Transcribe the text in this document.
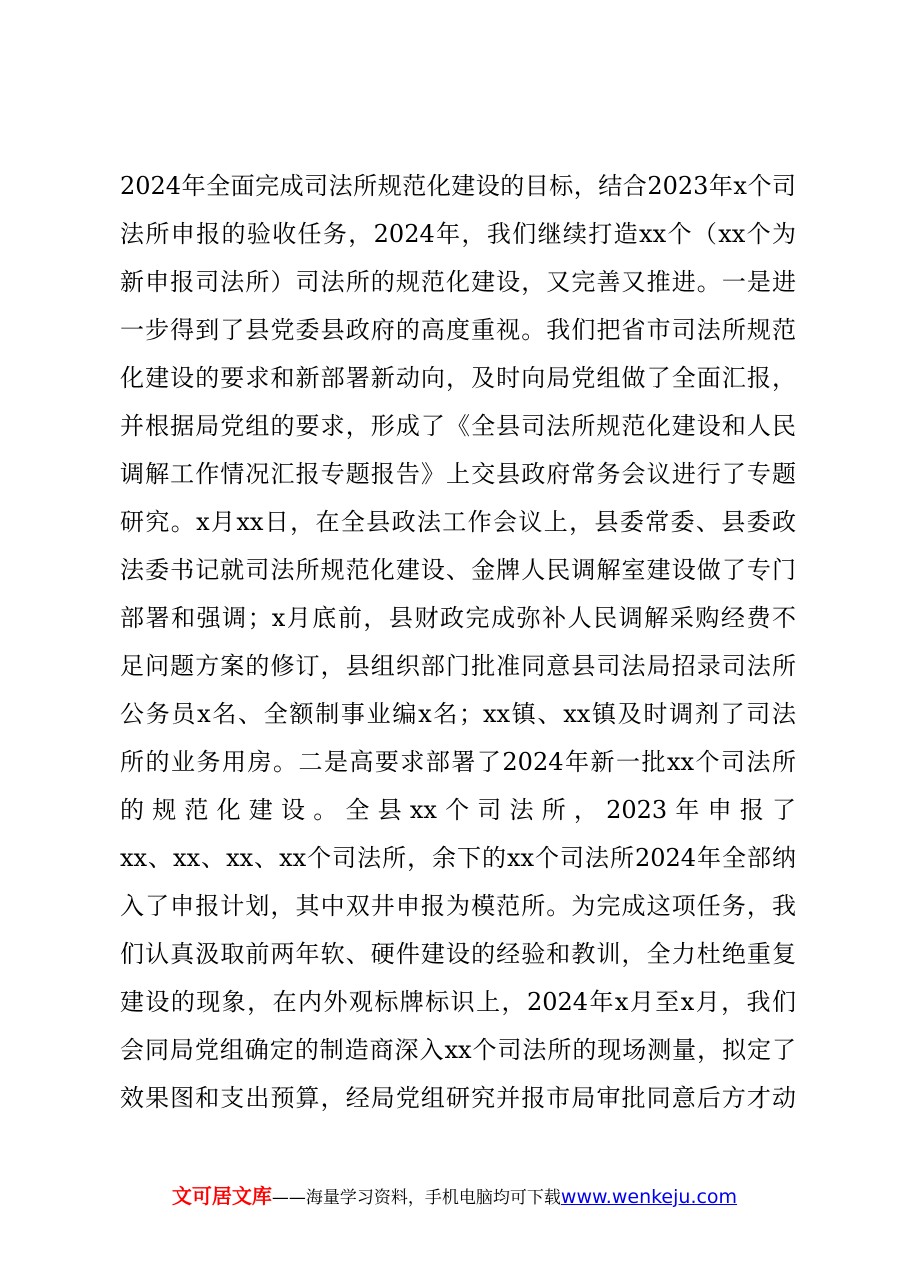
2024年全面完成司法所规范化建设的目标，结合2023年x个司
法所申报的验收任务，2024年，我们继续打造xx个（xx个为
新申报司法所）司法所的规范化建设，又完善又推进。一是进
一步得到了县党委县政府的高度重视。我们把省市司法所规范
化建设的要求和新部署新动向，及时向局党组做了全面汇报，
并根据局党组的要求，形成了《全县司法所规范化建设和人民
调解工作情况汇报专题报告》上交县政府常务会议进行了专题
研究。x月xx日，在全县政法工作会议上，县委常委、县委政
法委书记就司法所规范化建设、金牌人民调解室建设做了专门
部署和强调；x月底前，县财政完成弥补人民调解采购经费不
足问题方案的修订，县组织部门批准同意县司法局招录司法所
公务员x名、全额制事业编x名；xx镇、xx镇及时调剂了司法
所的业务用房。二是高要求部署了2024年新一批xx个司法所
的规范化建设。全县xx个司法所，2023年申报了
xx、xx、xx、xx个司法所，余下的xx个司法所2024年全部纳
入了申报计划，其中双井申报为模范所。为完成这项任务，我
们认真汲取前两年软、硬件建设的经验和教训，全力杜绝重复
建设的现象，在内外观标牌标识上，2024年x月至x月，我们
会同局党组确定的制造商深入xx个司法所的现场测量，拟定了
效果图和支出预算，经局党组研究并报市局审批同意后方才动
文可居文库——海量学习资料，手机电脑均可下载www.wenkeju.com
